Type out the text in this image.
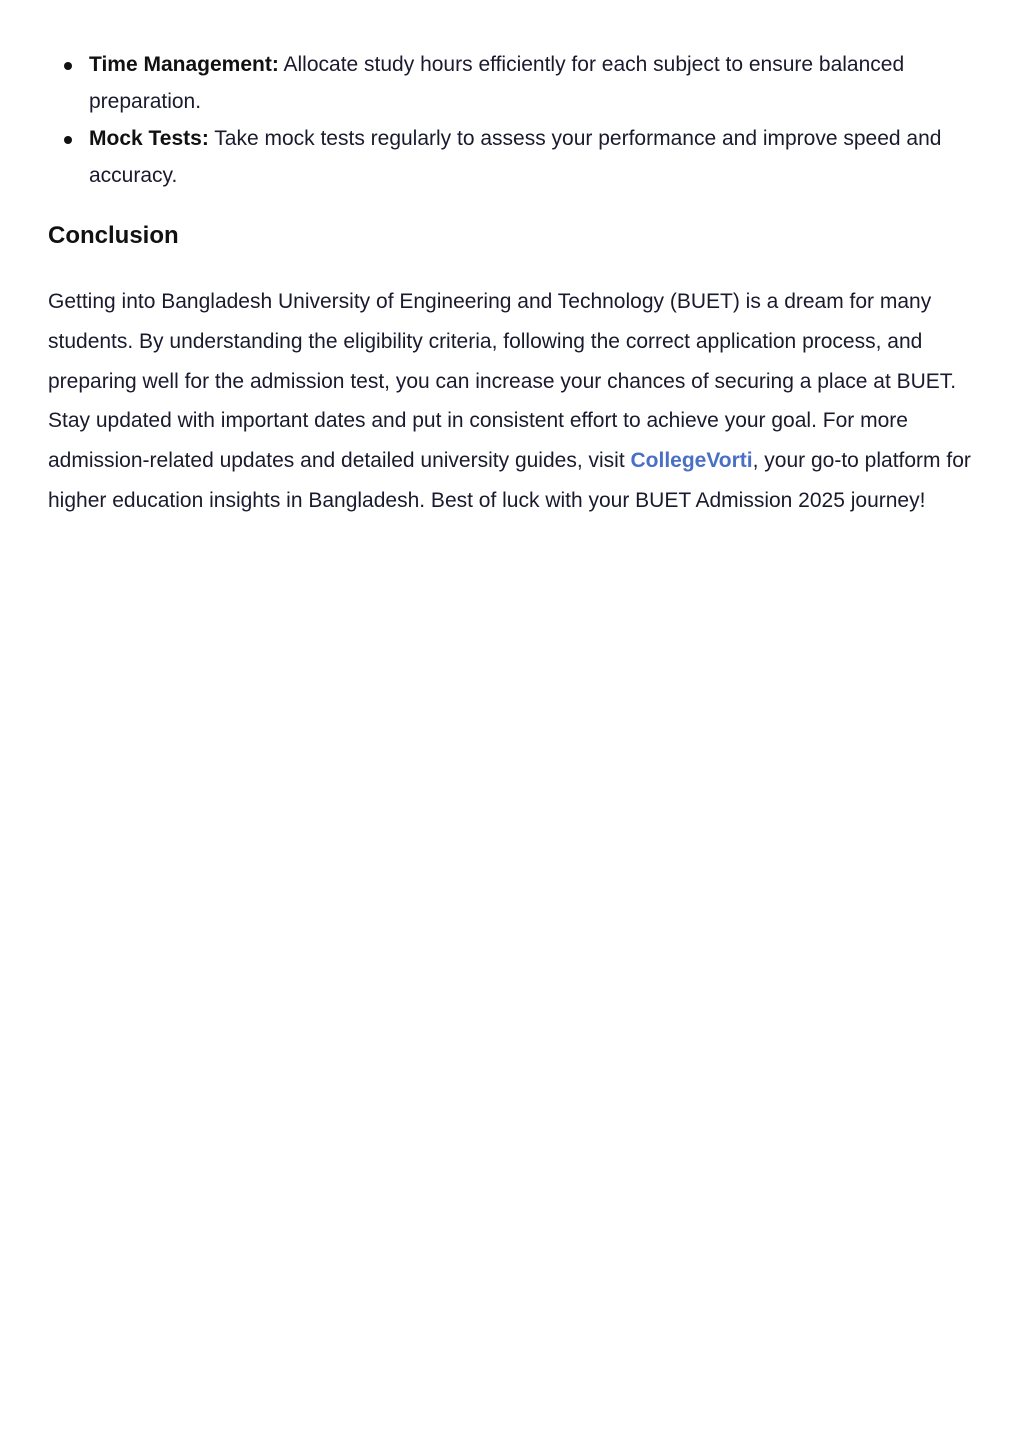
Time Management: Allocate study hours efficiently for each subject to ensure balanced preparation.
Mock Tests: Take mock tests regularly to assess your performance and improve speed and accuracy.
Conclusion

Getting into Bangladesh University of Engineering and Technology (BUET) is a dream for many students. By understanding the eligibility criteria, following the correct application process, and preparing well for the admission test, you can increase your chances of securing a place at BUET. Stay updated with important dates and put in consistent effort to achieve your goal. For more admission-related updates and detailed university guides, visit CollegeVorti, your go-to platform for higher education insights in Bangladesh. Best of luck with your BUET Admission 2025 journey!
